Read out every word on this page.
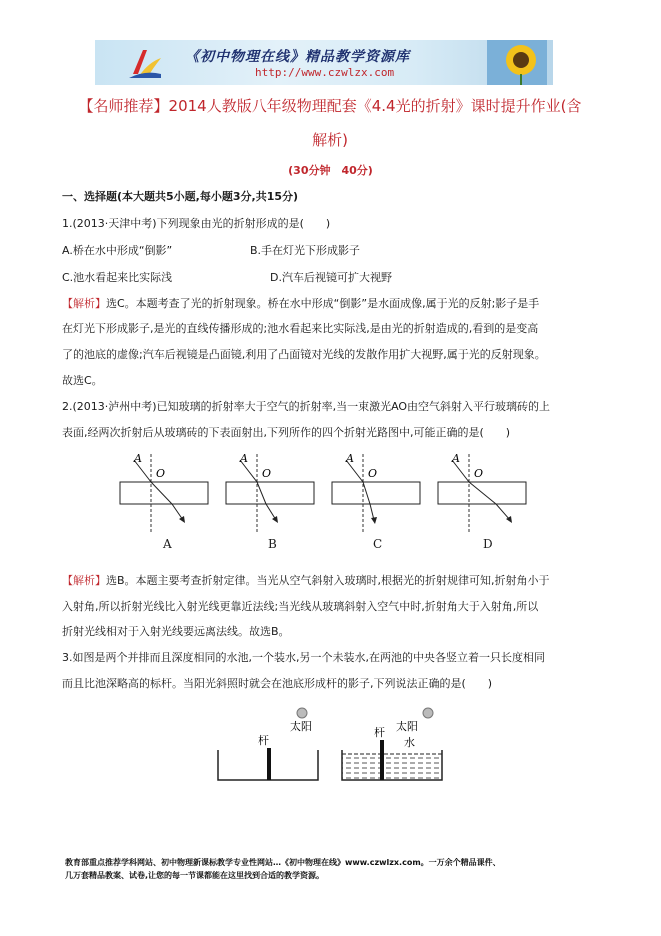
《初中物理在线》精品教学资源库
http://www.czwlzx.com
【名师推荐】2014人教版八年级物理配套《4.4光的折射》课时提升作业(含
解析)
(30分钟　40分)
一、选择题(本大题共5小题,每小题3分,共15分)
1.(2013·天津中考)下列现象由光的折射形成的是(　　)
A.桥在水中形成“倒影”	B.手在灯光下形成影子
C.池水看起来比实际浅	D.汽车后视镜可扩大视野
【解析】选C。本题考查了光的折射现象。桥在水中形成“倒影”是水面成像,属于光的反射;影子是手
在灯光下形成影子,是光的直线传播形成的;池水看起来比实际浅,是由光的折射造成的,看到的是变高
了的池底的虚像;汽车后视镜是凸面镜,利用了凸面镜对光线的发散作用扩大视野,属于光的反射现象。
故选C。
2.(2013·泸州中考)已知玻璃的折射率大于空气的折射率,当一束激光AO由空气斜射入平行玻璃砖的上
表面,经两次折射后从玻璃砖的下表面射出,下列所作的四个折射光路图中,可能正确的是(　　)
A
O
A
O
A
O
A
O
A	B	C	D
【解析】选B。本题主要考查折射定律。当光从空气斜射入玻璃时,根据光的折射规律可知,折射角小于
入射角,所以折射光线比入射光线更靠近法线;当光线从玻璃斜射入空气中时,折射角大于入射角,所以
折射光线相对于入射光线要远离法线。故选B。
3.如图是两个并排而且深度相同的水池,一个装水,另一个未装水,在两池的中央各竖立着一只长度相同
而且比池深略高的标杆。当阳光斜照时就会在池底形成杆的影子,下列说法正确的是(　　)
杆
太阳	杆 太阳
水
教育部重点推荐学科网站、初中物理新课标教学专业性网站…《初中物理在线》www.czwlzx.com。一万余个精品课件、
几万套精品教案、试卷,让您的每一节课都能在这里找到合适的教学资源。
